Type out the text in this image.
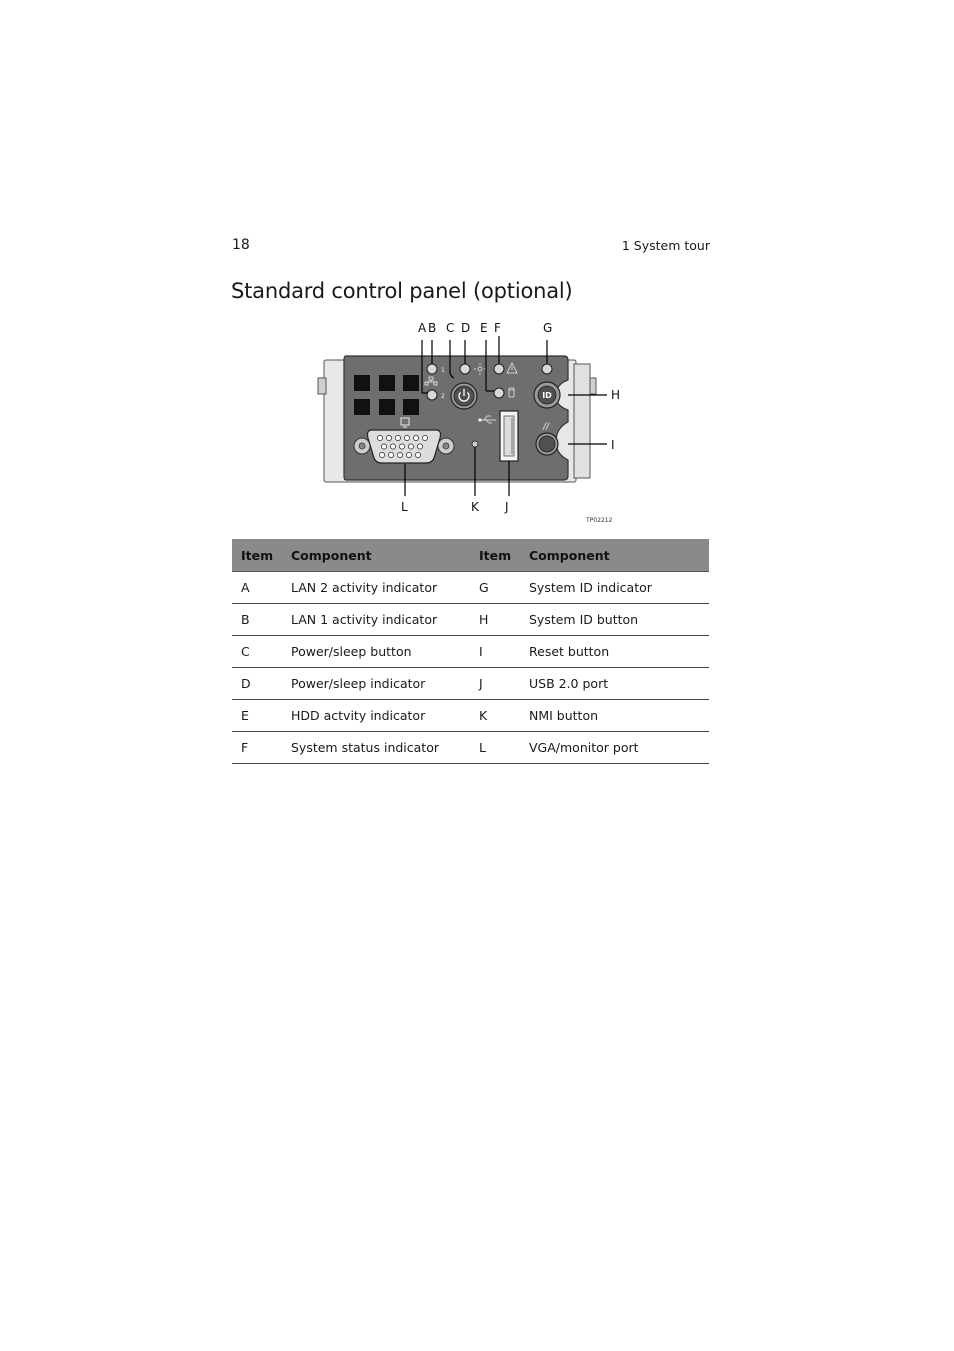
18	1 System tour
Standard control panel (optional)
1
2	ID
//
A B C D E F	G
H
I
L	K J
TP02212
Item	Component	Item	Component
A	LAN 2 activity indicator	G	System ID indicator
B	LAN 1 activity indicator	H	System ID button
C	Power/sleep button	I	Reset button
D	Power/sleep indicator	J	USB 2.0 port
E	HDD actvity indicator	K	NMI button
F	System status indicator	L	VGA/monitor port
